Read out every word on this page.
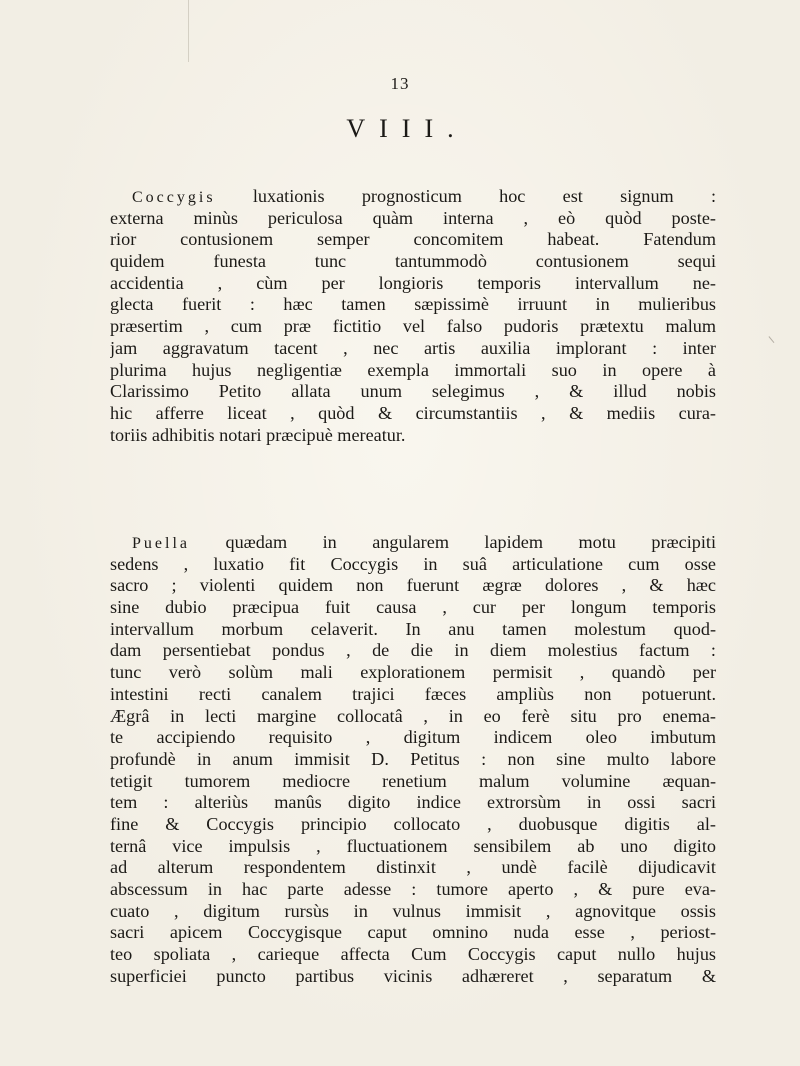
13
VIII.
Coccygis luxationis prognosticum hoc est signum :
externa minùs periculosa quàm interna , eò quòd poste-
rior contusionem semper concomitem habeat. Fatendum
quidem funesta tunc tantummodò contusionem sequi
accidentia , cùm per longioris temporis intervallum ne-
glecta fuerit : hæc tamen sæpissimè irruunt in mulieribus
præsertim , cum præ fictitio vel falso pudoris prætextu malum
jam aggravatum tacent , nec artis auxilia implorant : inter
plurima hujus negligentiæ exempla immortali suo in opere à
Clarissimo Petito allata unum selegimus , & illud nobis
hic afferre liceat , quòd & circumstantiis , & mediis cura-
toriis adhibitis notari præcipuè mereatur.
Puella quædam in angularem lapidem motu præcipiti
sedens , luxatio fit Coccygis in suâ articulatione cum osse
sacro ; violenti quidem non fuerunt ægræ dolores , & hæc
sine dubio præcipua fuit causa , cur per longum temporis
intervallum morbum celaverit. In anu tamen molestum quod-
dam persentiebat pondus , de die in diem molestius factum :
tunc verò solùm mali explorationem permisit , quandò per
intestini recti canalem trajici fæces ampliùs non potuerunt.
Ægrâ in lecti margine collocatâ , in eo ferè situ pro enema-
te accipiendo requisito , digitum indicem oleo imbutum
profundè in anum immisit D. Petitus : non sine multo labore
tetigit tumorem mediocre renetium malum volumine æquan-
tem : alteriùs manûs digito indice extrorsùm in ossi sacri
fine & Coccygis principio collocato , duobusque digitis al-
ternâ vice impulsis , fluctuationem sensibilem ab uno digito
ad alterum respondentem distinxit , undè facilè dijudicavit
abscessum in hac parte adesse : tumore aperto , & pure eva-
cuato , digitum rursùs in vulnus immisit , agnovitque ossis
sacri apicem Coccygisque caput omnino nuda esse , periost-
teo spoliata , carieque affecta Cum Coccygis caput nullo hujus
superficiei puncto partibus vicinis adhæreret , separatum &
